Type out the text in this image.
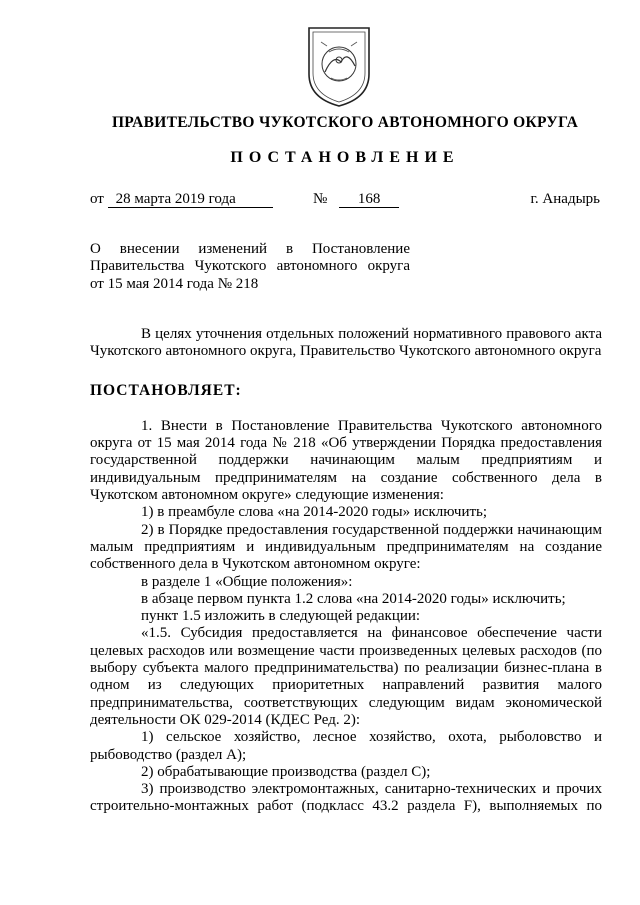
ПРАВИТЕЛЬСТВО ЧУКОТСКОГО АВТОНОМНОГО ОКРУГА
ПОСТАНОВЛЕНИЕ
от 28 марта 2019 года	№ 168	г. Анадырь
О внесении изменений в Постановление
Правительства Чукотского автономного округа
от 15 мая 2014 года № 218

В целях уточнения отдельных положений нормативного правового акта Чукотского автономного округа, Правительство Чукотского автономного округа

ПОСТАНОВЛЯЕТ:

1. Внести в Постановление Правительства Чукотского автономного округа от 15 мая 2014 года № 218 «Об утверждении Порядка предоставления государственной поддержки начинающим малым предприятиям и индивидуальным предпринимателям на создание собственного дела в Чукотском автономном округе» следующие изменения:

1) в преамбуле слова «на 2014-2020 годы» исключить;

2) в Порядке предоставления государственной поддержки начинающим малым предприятиям и индивидуальным предпринимателям на создание собственного дела в Чукотском автономном округе:

в разделе 1 «Общие положения»:

в абзаце первом пункта 1.2 слова «на 2014-2020 годы» исключить;

пункт 1.5 изложить в следующей редакции:

«1.5. Субсидия предоставляется на финансовое обеспечение части целевых расходов или возмещение части произведенных целевых расходов (по выбору субъекта малого предпринимательства) по реализации бизнес-плана в одном из следующих приоритетных направлений развития малого предпринимательства, соответствующих следующим видам экономической деятельности ОК 029-2014 (КДЕС Ред. 2):

1) сельское хозяйство, лесное хозяйство, охота, рыболовство и рыбоводство (раздел А);

2) обрабатывающие производства (раздел С);

3) производство электромонтажных, санитарно-технических и прочих строительно-монтажных работ (подкласс 43.2 раздела F), выполняемых по
